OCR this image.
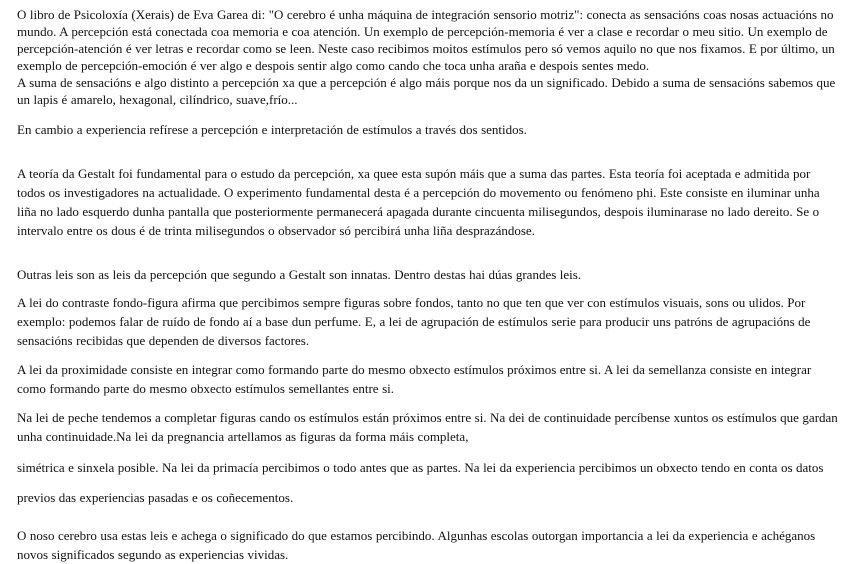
O libro de Psicoloxía (Xerais) de Eva Garea di: "O cerebro é unha máquina de integración sensorio motriz": conecta as sensacións coas nosas actuacións no mundo. A percepción está conectada coa memoria e coa atención. Un exemplo de percepción-memoria é ver a clase e recordar o meu sitio. Un exemplo de percepción-atención é ver letras e recordar como se leen. Neste caso recibimos moitos estímulos pero só vemos aquilo no que nos fixamos. E por último, un exemplo de percepción-emoción é ver algo e despois sentir algo como cando che toca unha araña e despois sentes medo.

A suma de sensacións e algo distinto a percepción xa que a percepción é algo máis porque nos da un significado. Debido a suma de sensacións sabemos que un lapis é amarelo, hexagonal, cilíndrico, suave,frío...

En cambio a experiencia refírese a percepción e interpretación de estímulos a través dos sentidos.

A teoría da Gestalt foi fundamental para o estudo da percepción, xa quee esta supón máis que a suma das partes. Esta teoría foi aceptada e admitida por todos os investigadores na actualidade. O experimento fundamental desta é a percepción do movemento ou fenómeno phi. Este consiste en iluminar unha liña no lado esquerdo dunha pantalla que posteriormente permanecerá apagada durante cincuenta milisegundos, despois iluminarase no lado dereito. Se o intervalo entre os dous é de trinta milisegundos o observador só percibirá unha liña desprazándose.

Outras leis son as leis da percepción que segundo a Gestalt son innatas. Dentro destas hai dúas grandes leis.

A lei do contraste fondo-figura afirma que percibimos sempre figuras sobre fondos, tanto no que ten que ver con estímulos visuais, sons ou ulidos. Por exemplo: podemos falar de ruído de fondo aí a base dun perfume. E, a lei de agrupación de estímulos serie para producir uns patróns de agrupacións de sensacións recibidas que dependen de diversos factores.

A lei da proximidade consiste en integrar como formando parte do mesmo obxecto estímulos próximos entre si. A lei da semellanza consiste en integrar como formando parte do mesmo obxecto estímulos semellantes entre si.

Na lei de peche tendemos a completar figuras cando os estímulos están próximos entre si. Na dei de continuidade percíbense xuntos os estímulos que gardan unha continuidade.Na lei da pregnancia artellamos as figuras da forma máis completa,

simétrica e sinxela posible. Na lei da primacía percibimos o todo antes que as partes. Na lei da experiencia percibimos un obxecto tendo en conta os datos

previos das experiencias pasadas e os coñecementos.

O noso cerebro usa estas leis e achega o significado do que estamos percibindo. Algunhas escolas outorgan importancia a lei da experiencia e achéganos novos significados segundo as experiencias vividas.
